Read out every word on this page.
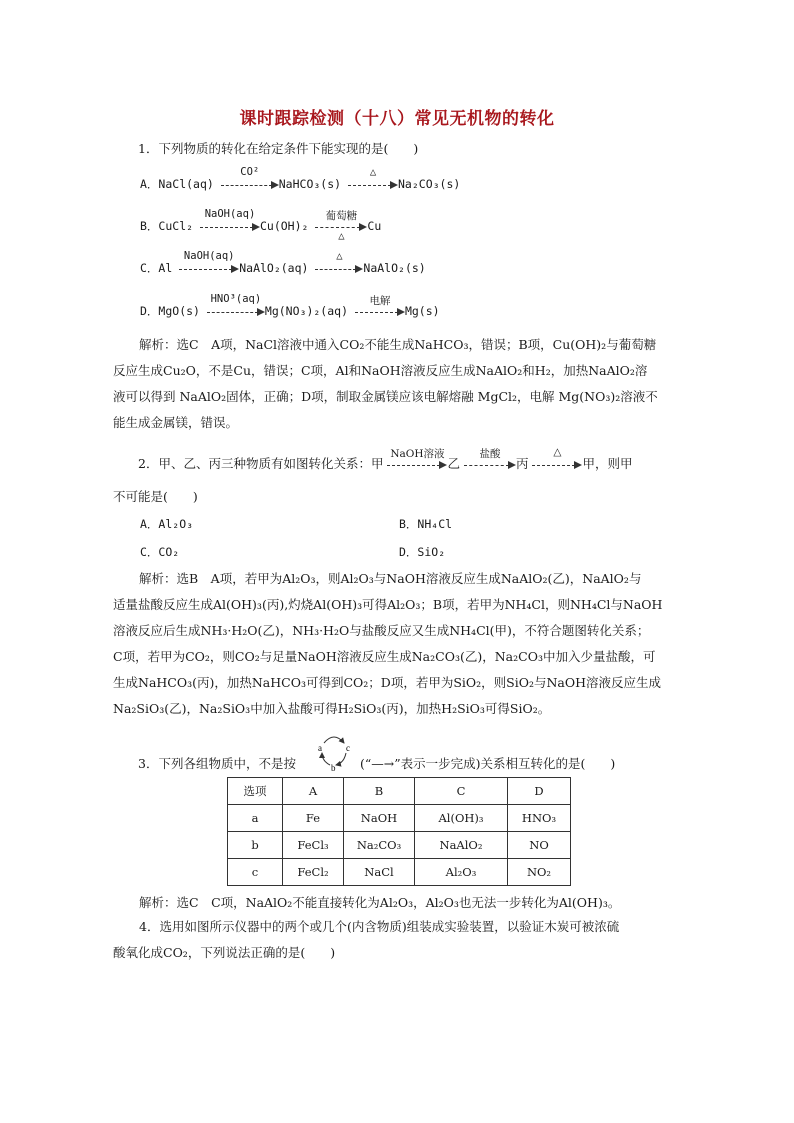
课时跟踪检测（十八）常见无机物的转化
1．下列物质的转化在给定条件下能实现的是(　　)
A．NaCl(aq)
CO²
NaHCO₃(s)
△
Na₂CO₃(s)
B．CuCl₂
NaOH(aq)
Cu(OH)₂
葡萄糖
△
Cu
C．Al
NaOH(aq)
NaAlO₂(aq)
△
NaAlO₂(s)
D．MgO(s)
HNO³(aq)
Mg(NO₃)₂(aq)
电解
Mg(s)
解析：选C　A项，NaCl溶液中通入CO₂不能生成NaHCO₃，错误；B项，Cu(OH)₂与葡萄糖
反应生成Cu₂O，不是Cu，错误；C项，Al和NaOH溶液反应生成NaAlO₂和H₂，加热NaAlO₂溶
液可以得到 NaAlO₂固体，正确；D项，制取金属镁应该电解熔融 MgCl₂，电解 Mg(NO₃)₂溶液不
能生成金属镁，错误。
2．甲、乙、丙三种物质有如图转化关系：甲
NaOH溶液
乙
盐酸
丙
△
甲，则甲
不可能是(　　)
A．Al₂O₃	B．NH₄Cl
C．CO₂	D．SiO₂
解析：选B　A项，若甲为Al₂O₃，则Al₂O₃与NaOH溶液反应生成NaAlO₂(乙)，NaAlO₂与
适量盐酸反应生成Al(OH)₃(丙),灼烧Al(OH)₃可得Al₂O₃；B项，若甲为NH₄Cl，则NH₄Cl与NaOH
溶液反应后生成NH₃·H₂O(乙)，NH₃·H₂O与盐酸反应又生成NH₄Cl(甲)，不符合题图转化关系；
C项，若甲为CO₂，则CO₂与足量NaOH溶液反应生成Na₂CO₃(乙)，Na₂CO₃中加入少量盐酸，可
生成NaHCO₃(丙)，加热NaHCO₃可得到CO₂；D项，若甲为SiO₂，则SiO₂与NaOH溶液反应生成
Na₂SiO₃(乙)，Na₂SiO₃中加入盐酸可得H₂SiO₃(丙)，加热H₂SiO₃可得SiO₂。
3．下列各组物质中，不是按
a	c
b (“—→”表示一步完成)关系相互转化的是(　　)
选项	A	B	C	D
a	Fe	NaOH	Al(OH)₃	HNO₃
b	FeCl₃	Na₂CO₃	NaAlO₂	NO
c	FeCl₂	NaCl	Al₂O₃	NO₂
解析：选C　C项，NaAlO₂不能直接转化为Al₂O₃，Al₂O₃也无法一步转化为Al(OH)₃。
4．选用如图所示仪器中的两个或几个(内含物质)组装成实验装置，以验证木炭可被浓硫
酸氧化成CO₂，下列说法正确的是(　　)
